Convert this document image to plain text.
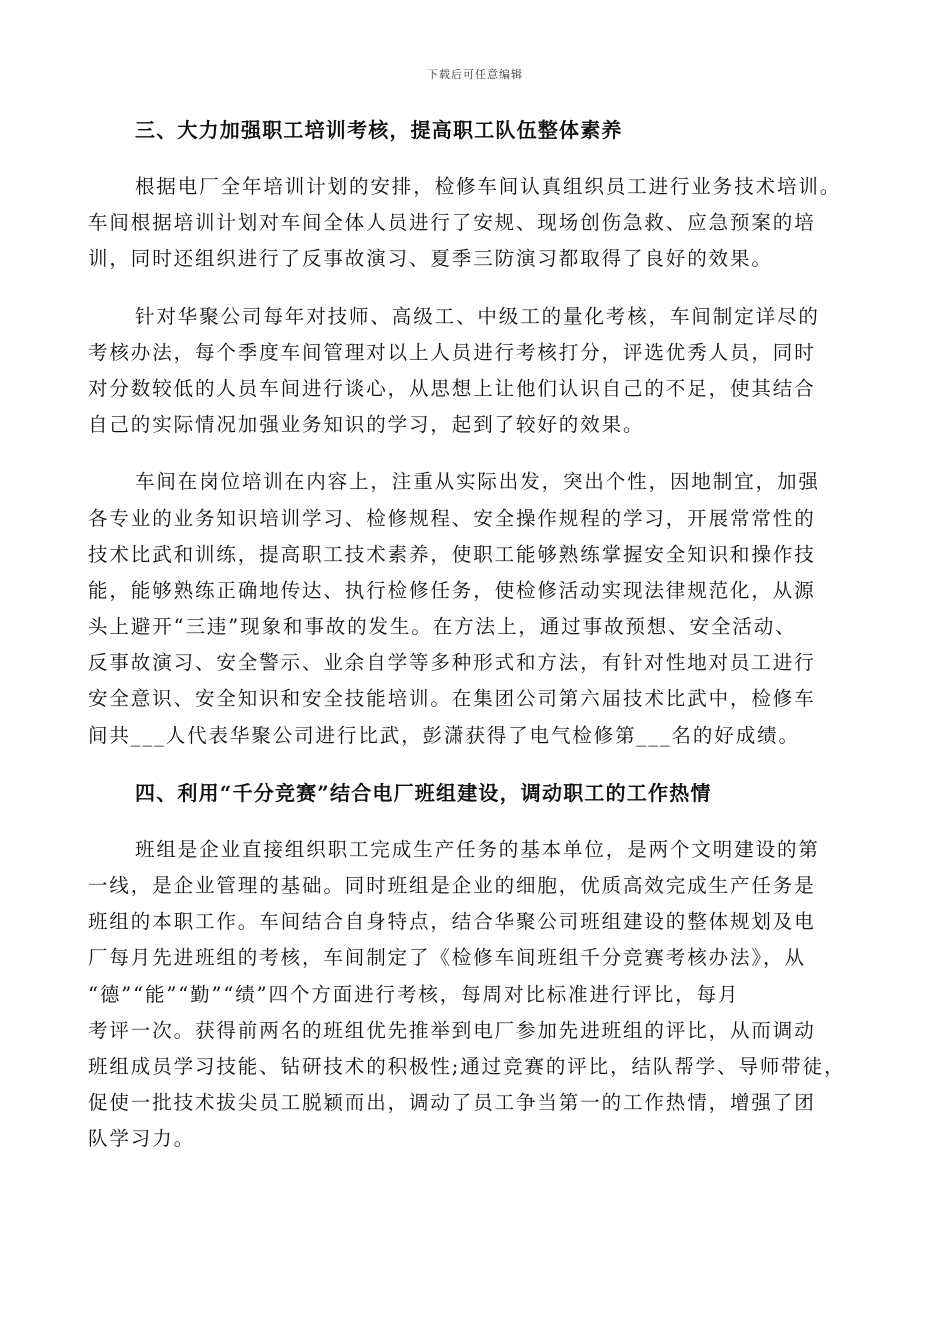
下载后可任意编辑
三、大力加强职工培训考核，提高职工队伍整体素养
根据电厂全年培训计划的安排，检修车间认真组织员工进行业务技术培训。
车间根据培训计划对车间全体人员进行了安规、现场创伤急救、应急预案的培
训，同时还组织进行了反事故演习、夏季三防演习都取得了良好的效果。
针对华聚公司每年对技师、高级工、中级工的量化考核，车间制定详尽的
考核办法，每个季度车间管理对以上人员进行考核打分，评选优秀人员，同时
对分数较低的人员车间进行谈心，从思想上让他们认识自己的不足，使其结合
自己的实际情况加强业务知识的学习，起到了较好的效果。
车间在岗位培训在内容上，注重从实际出发，突出个性，因地制宜，加强
各专业的业务知识培训学习、检修规程、安全操作规程的学习，开展常常性的
技术比武和训练，提高职工技术素养，使职工能够熟练掌握安全知识和操作技
能，能够熟练正确地传达、执行检修任务，使检修活动实现法律规范化，从源
头上避开“三违”现象和事故的发生。在方法上，通过事故预想、安全活动、
反事故演习、安全警示、业余自学等多种形式和方法，有针对性地对员工进行
安全意识、安全知识和安全技能培训。在集团公司第六届技术比武中，检修车
间共___人代表华聚公司进行比武，彭潇获得了电气检修第___名的好成绩。
四、利用“千分竞赛”结合电厂班组建设，调动职工的工作热情
班组是企业直接组织职工完成生产任务的基本单位，是两个文明建设的第
一线，是企业管理的基础。同时班组是企业的细胞，优质高效完成生产任务是
班组的本职工作。车间结合自身特点，结合华聚公司班组建设的整体规划及电
厂每月先进班组的考核，车间制定了《检修车间班组千分竞赛考核办法》，从
“德”“能”“勤”“绩”四个方面进行考核，每周对比标准进行评比，每月
考评一次。获得前两名的班组优先推举到电厂参加先进班组的评比，从而调动
班组成员学习技能、钻研技术的积极性;通过竞赛的评比，结队帮学、导师带徒，
促使一批技术拔尖员工脱颖而出，调动了员工争当第一的工作热情，增强了团
队学习力。
